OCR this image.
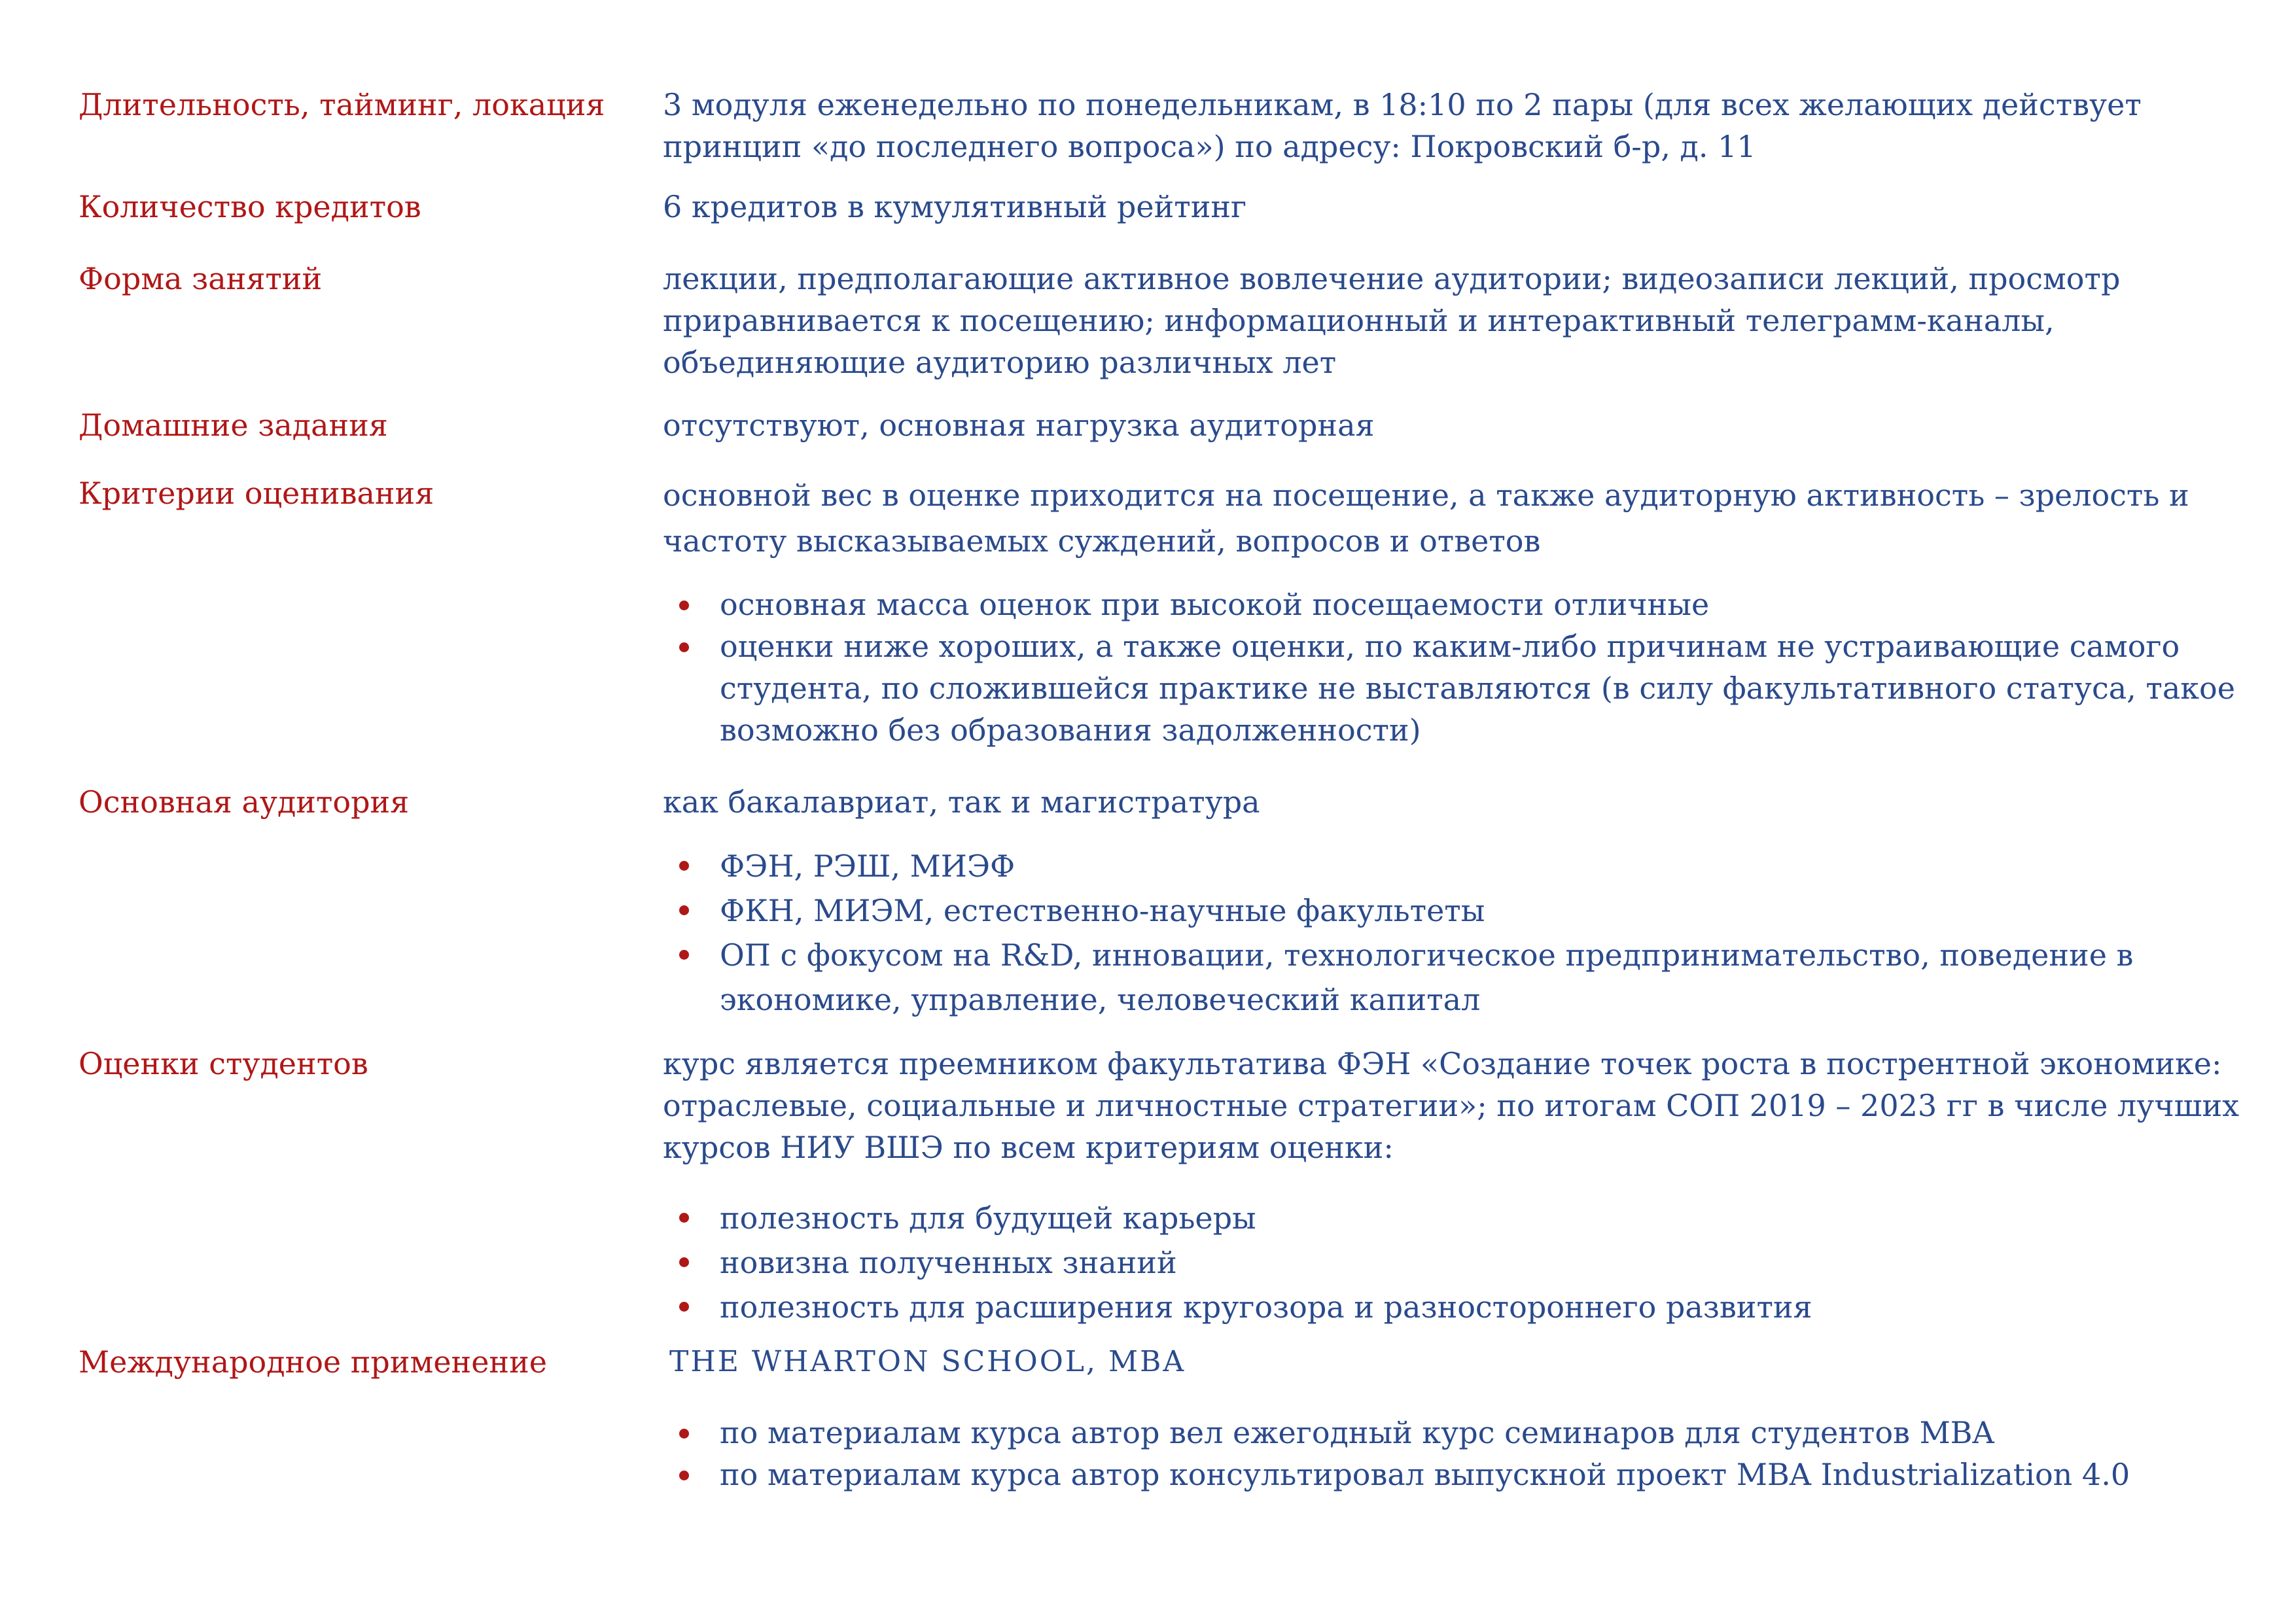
Длительность, тайминг, локация	3 модуля еженедельно по понедельникам, в 18:10 по 2 пары (для всех желающих действует принцип «до последнего вопроса») по адресу: Покровский б-р, д. 11

Количество кредитов	6 кредитов в кумулятивный рейтинг

Форма занятий	лекции, предполагающие активное вовлечение аудитории; видеозаписи лекций, просмотр приравнивается к посещению; информационный и интерактивный телеграмм-каналы, объединяющие аудиторию различных лет

Домашние задания	отсутствуют, основная нагрузка аудиторная

Критерии оценивания	основной вес в оценке приходится на посещение, а также аудиторную активность – зрелость и частоту высказываемых суждений, вопросов и ответов

основная масса оценок при высокой посещаемости отличные
оценки ниже хороших, а также оценки, по каким-либо причинам не устраивающие самого студента, по сложившейся практике не выставляются (в силу факультативного статуса, такое возможно без образования задолженности)
Основная аудитория	как бакалавриат, так и магистратура

ФЭН, РЭШ, МИЭФ
ФКН, МИЭМ, естественно-научные факультеты
ОП с фокусом на R&D, инновации, технологическое предпринимательство, поведение в экономике, управление, человеческий капитал
Оценки студентов	курс является преемником факультатива ФЭН «Создание точек роста в пострентной экономике: отраслевые, социальные и личностные стратегии»; по итогам СОП 2019 – 2023 гг в числе лучших курсов НИУ ВШЭ по всем критериям оценки:

полезность для будущей карьеры
новизна полученных знаний
полезность для расширения кругозора и разностороннего развития
Международное применение	THE WHARTON SCHOOL, MBA
по материалам курса автор вел ежегодный курс семинаров для студентов MBA
по материалам курса автор консультировал выпускной проект MBA Industrialization 4.0
